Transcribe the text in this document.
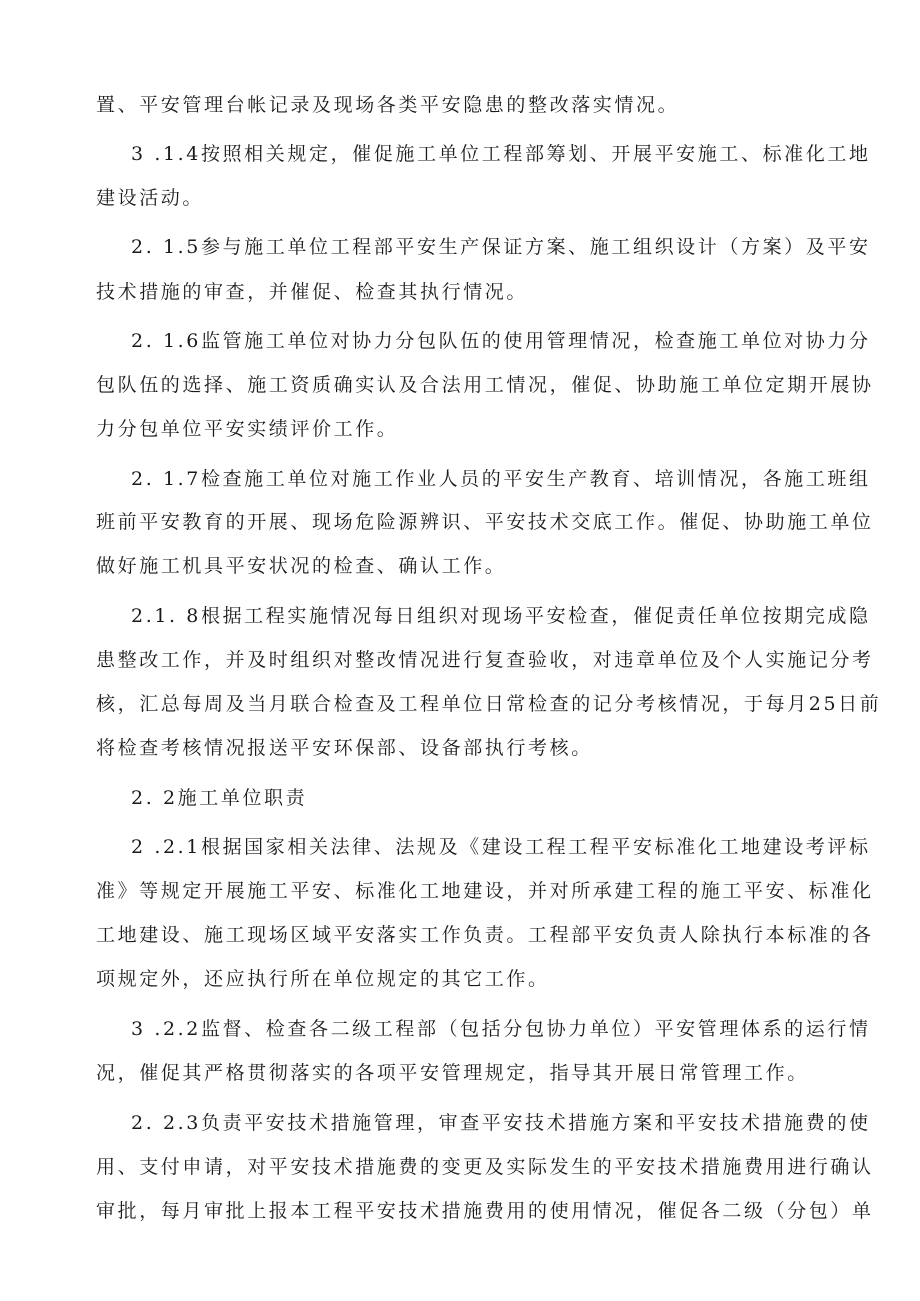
置、平安管理台帐记录及现场各类平安隐患的整改落实情况。
3 .1.4按照相关规定，催促施工单位工程部筹划、开展平安施工、标准化工地
建设活动。
2. 1.5参与施工单位工程部平安生产保证方案、施工组织设计（方案）及平安
技术措施的审查，并催促、检查其执行情况。
2. 1.6监管施工单位对协力分包队伍的使用管理情况，检查施工单位对协力分
包队伍的选择、施工资质确实认及合法用工情况，催促、协助施工单位定期开展协
力分包单位平安实绩评价工作。
2. 1.7检查施工单位对施工作业人员的平安生产教育、培训情况，各施工班组
班前平安教育的开展、现场危险源辨识、平安技术交底工作。催促、协助施工单位
做好施工机具平安状况的检查、确认工作。
2.1. 8根据工程实施情况每日组织对现场平安检查，催促责任单位按期完成隐
患整改工作，并及时组织对整改情况进行复查验收，对违章单位及个人实施记分考
核，汇总每周及当月联合检查及工程单位日常检查的记分考核情况，于每月25日前
将检查考核情况报送平安环保部、设备部执行考核。
2. 2施工单位职责
2 .2.1根据国家相关法律、法规及《建设工程工程平安标准化工地建设考评标
准》等规定开展施工平安、标准化工地建设，并对所承建工程的施工平安、标准化
工地建设、施工现场区域平安落实工作负责。工程部平安负责人除执行本标准的各
项规定外，还应执行所在单位规定的其它工作。
3 .2.2监督、检查各二级工程部（包括分包协力单位）平安管理体系的运行情
况，催促其严格贯彻落实的各项平安管理规定，指导其开展日常管理工作。
2. 2.3负责平安技术措施管理，审查平安技术措施方案和平安技术措施费的使
用、支付申请，对平安技术措施费的变更及实际发生的平安技术措施费用进行确认
审批，每月审批上报本工程平安技术措施费用的使用情况，催促各二级（分包）单
